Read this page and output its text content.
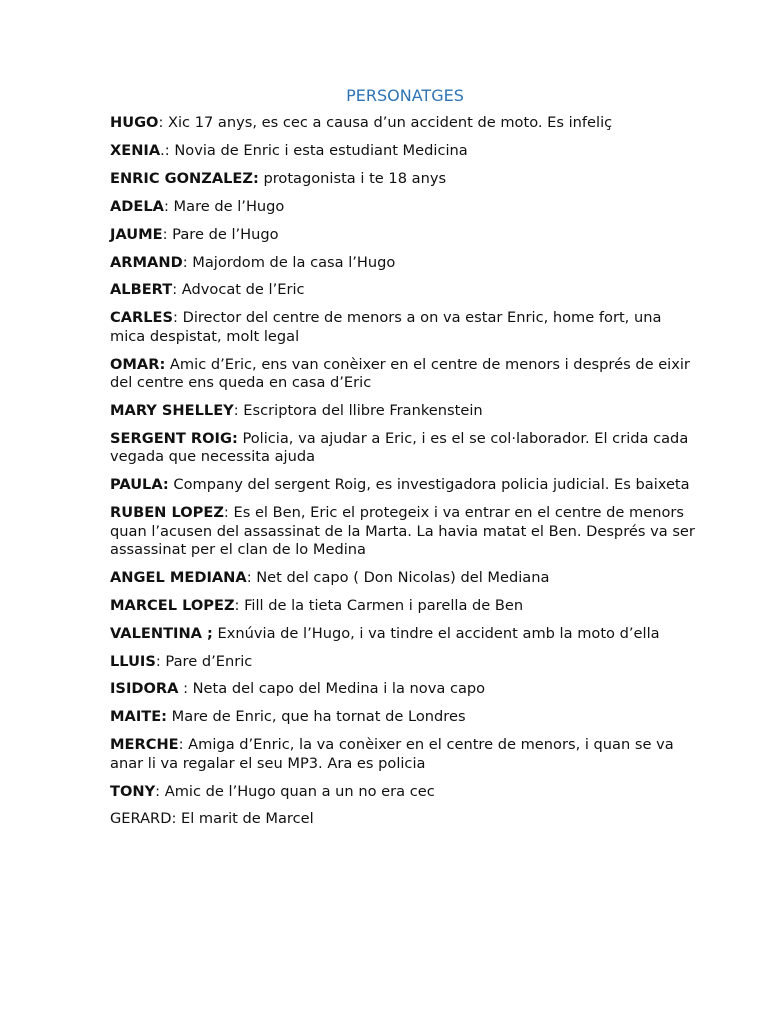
PERSONATGES

HUGO: Xic 17 anys, es cec a causa d’un accident de moto. Es infeliç

XENIA.: Novia de Enric i esta estudiant Medicina

ENRIC GONZALEZ: protagonista i te 18 anys

ADELA: Mare de l’Hugo

JAUME: Pare de l’Hugo

ARMAND: Majordom de la casa l’Hugo

ALBERT: Advocat de l’Eric

CARLES: Director del centre de menors a on va estar Enric, home fort, una mica despistat, molt legal

OMAR: Amic d’Eric, ens van conèixer en el centre de menors i després de eixir del centre ens queda en casa d’Eric

MARY SHELLEY: Escriptora del llibre Frankenstein

SERGENT ROIG: Policia, va ajudar a Eric, i es el se col·laborador. El crida cada vegada que necessita ajuda

PAULA: Company del sergent Roig, es investigadora policia judicial. Es baixeta

RUBEN LOPEZ: Es el Ben, Eric el protegeix i va entrar en el centre de menors quan l’acusen del assassinat de la Marta. La havia matat el Ben. Després va ser assassinat per el clan de lo Medina

ANGEL MEDIANA: Net del capo ( Don Nicolas) del Mediana

MARCEL LOPEZ: Fill de la tieta Carmen i parella de Ben

VALENTINA ; Exnúvia de l’Hugo, i va tindre el accident amb la moto d’ella

LLUIS: Pare d’Enric

ISIDORA : Neta del capo del Medina i la nova capo

MAITE: Mare de Enric, que ha tornat de Londres

MERCHE: Amiga d’Enric, la va conèixer en el centre de menors, i quan se va anar li va regalar el seu MP3. Ara es policia

TONY: Amic de l’Hugo quan a un no era cec

GERARD: El marit de Marcel
